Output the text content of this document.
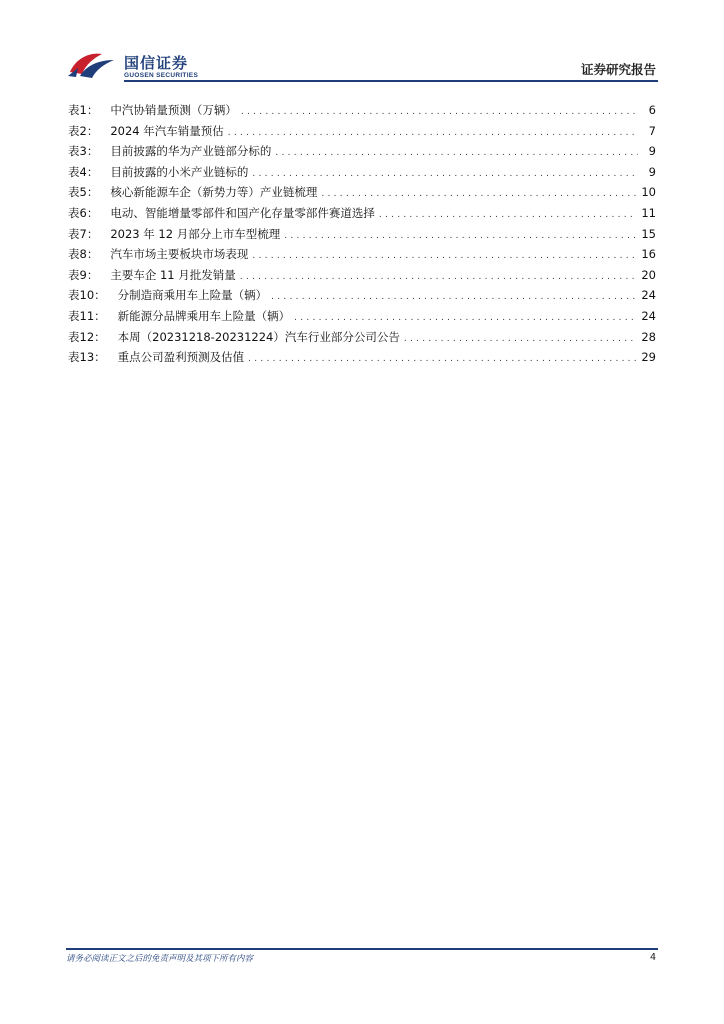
国信证券
GUOSEN SECURITIES	证券研究报告
表1： 中汽协销量预测（万辆） . . .	6
表2： 2024 年汽车销量预估 . . .	7
表3： 目前披露的华为产业链部分标的 . . .	9
表4： 目前披露的小米产业链标的 . . .	9
表5： 核心新能源车企（新势力等）产业链梳理 . . .	10
表6： 电动、智能增量零部件和国产化存量零部件赛道选择 . . .	11
表7： 2023 年 12 月部分上市车型梳理 . . .	15
表8： 汽车市场主要板块市场表现 . . .	16
表9： 主要车企 11 月批发销量 . . .	20
表10： 分制造商乘用车上险量（辆） . . .	24
表11： 新能源分品牌乘用车上险量（辆） . . .	24
表12： 本周（20231218-20231224）汽车行业部分公司公告 . . .	28
表13： 重点公司盈利预测及估值 . . .	29
请务必阅读正文之后的免责声明及其项下所有内容	4
